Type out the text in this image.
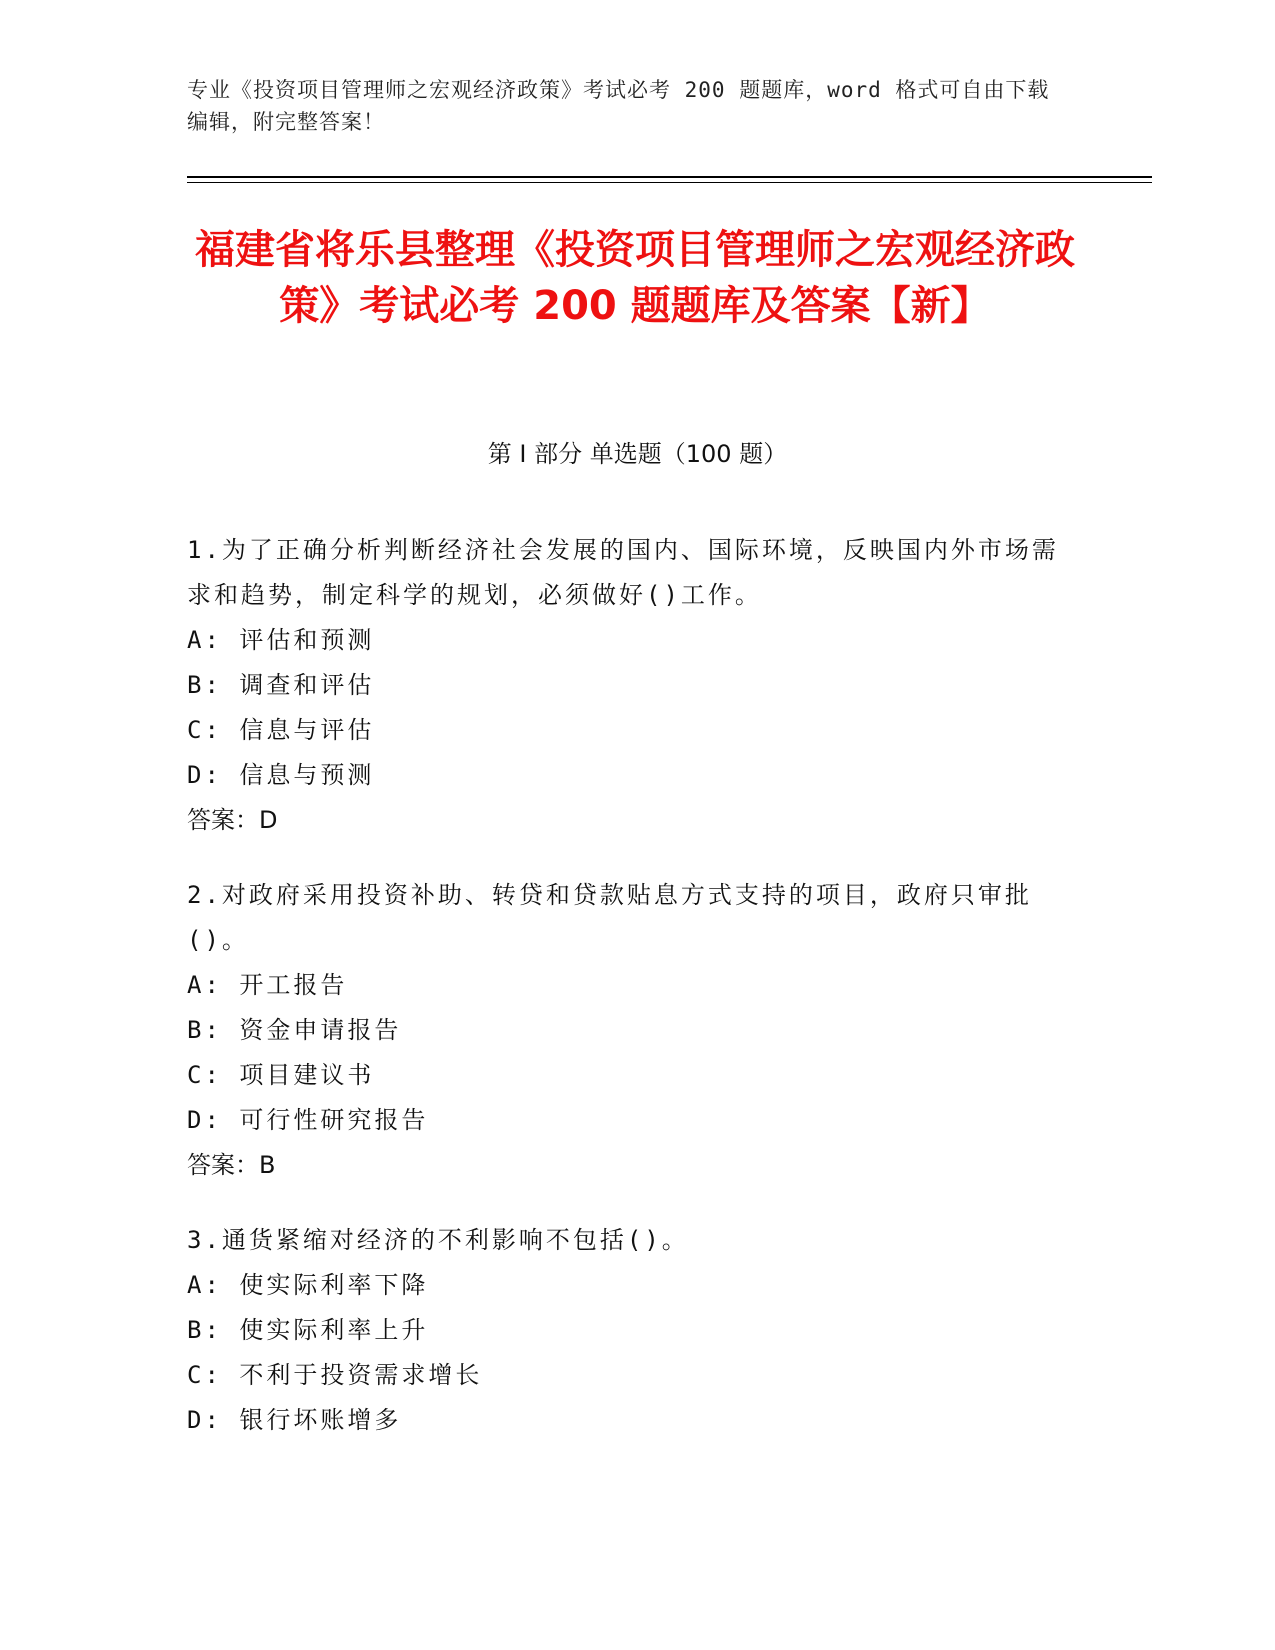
专业《投资项目管理师之宏观经济政策》考试必考 200 题题库，word 格式可自由下载编辑，附完整答案！
福建省将乐县整理《投资项目管理师之宏观经济政策》考试必考 200 题题库及答案【新】
第 I 部分 单选题（100 题）
1.为了正确分析判断经济社会发展的国内、国际环境，反映国内外市场需求和趋势，制定科学的规划，必须做好()工作。
A: 评估和预测
B: 调查和评估
C: 信息与评估
D: 信息与预测
答案：D
2.对政府采用投资补助、转贷和贷款贴息方式支持的项目，政府只审批()。
A: 开工报告
B: 资金申请报告
C: 项目建议书
D: 可行性研究报告
答案：B
3.通货紧缩对经济的不利影响不包括()。
A: 使实际利率下降
B: 使实际利率上升
C: 不利于投资需求增长
D: 银行坏账增多
